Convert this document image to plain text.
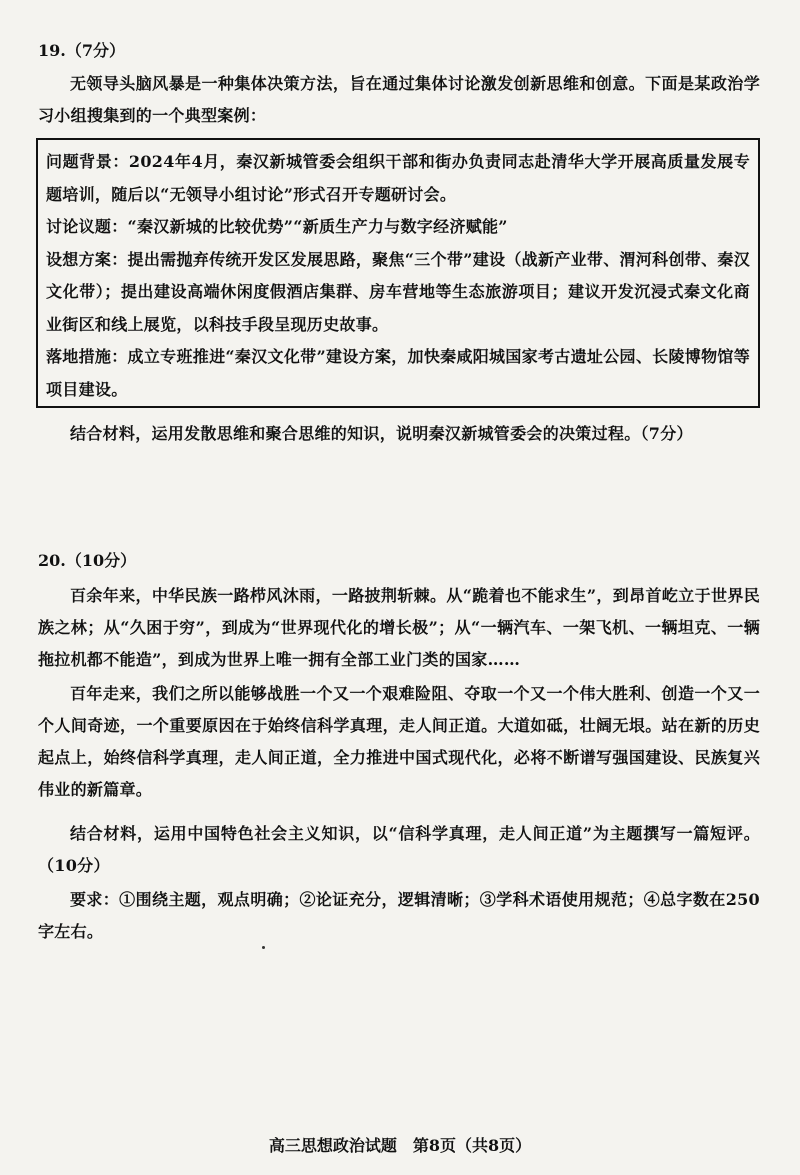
19.（7分）
无领导头脑风暴是一种集体决策方法，旨在通过集体讨论激发创新思维和创意。下面是某政治学习小组搜集到的一个典型案例：

问题背景：2024年4月，秦汉新城管委会组织干部和街办负责同志赴清华大学开展高质量发展专题培训，随后以“无领导小组讨论”形式召开专题研讨会。

讨论议题：“秦汉新城的比较优势”“新质生产力与数字经济赋能”

设想方案：提出需抛弃传统开发区发展思路，聚焦“三个带”建设（战新产业带、渭河科创带、秦汉文化带）；提出建设高端休闲度假酒店集群、房车营地等生态旅游项目；建议开发沉浸式秦文化商业街区和线上展览，以科技手段呈现历史故事。

落地措施：成立专班推进“秦汉文化带”建设方案，加快秦咸阳城国家考古遗址公园、长陵博物馆等项目建设。

结合材料，运用发散思维和聚合思维的知识，说明秦汉新城管委会的决策过程。（7分）
20.（10分）
百余年来，中华民族一路栉风沐雨，一路披荆斩棘。从“跪着也不能求生”，到昂首屹立于世界民族之林；从“久困于穷”，到成为“世界现代化的增长极”；从“一辆汽车、一架飞机、一辆坦克、一辆拖拉机都不能造”，到成为世界上唯一拥有全部工业门类的国家……
百年走来，我们之所以能够战胜一个又一个艰难险阻、夺取一个又一个伟大胜利、创造一个又一个人间奇迹，一个重要原因在于始终信科学真理，走人间正道。大道如砥，壮阔无垠。站在新的历史起点上，始终信科学真理，走人间正道，全力推进中国式现代化，必将不断谱写强国建设、民族复兴伟业的新篇章。
结合材料，运用中国特色社会主义知识，以“信科学真理，走人间正道”为主题撰写一篇短评。（10分）
要求：①围绕主题，观点明确；②论证充分，逻辑清晰；③学科术语使用规范；④总字数在250字左右。
高三思想政治试题　第8页（共8页）
